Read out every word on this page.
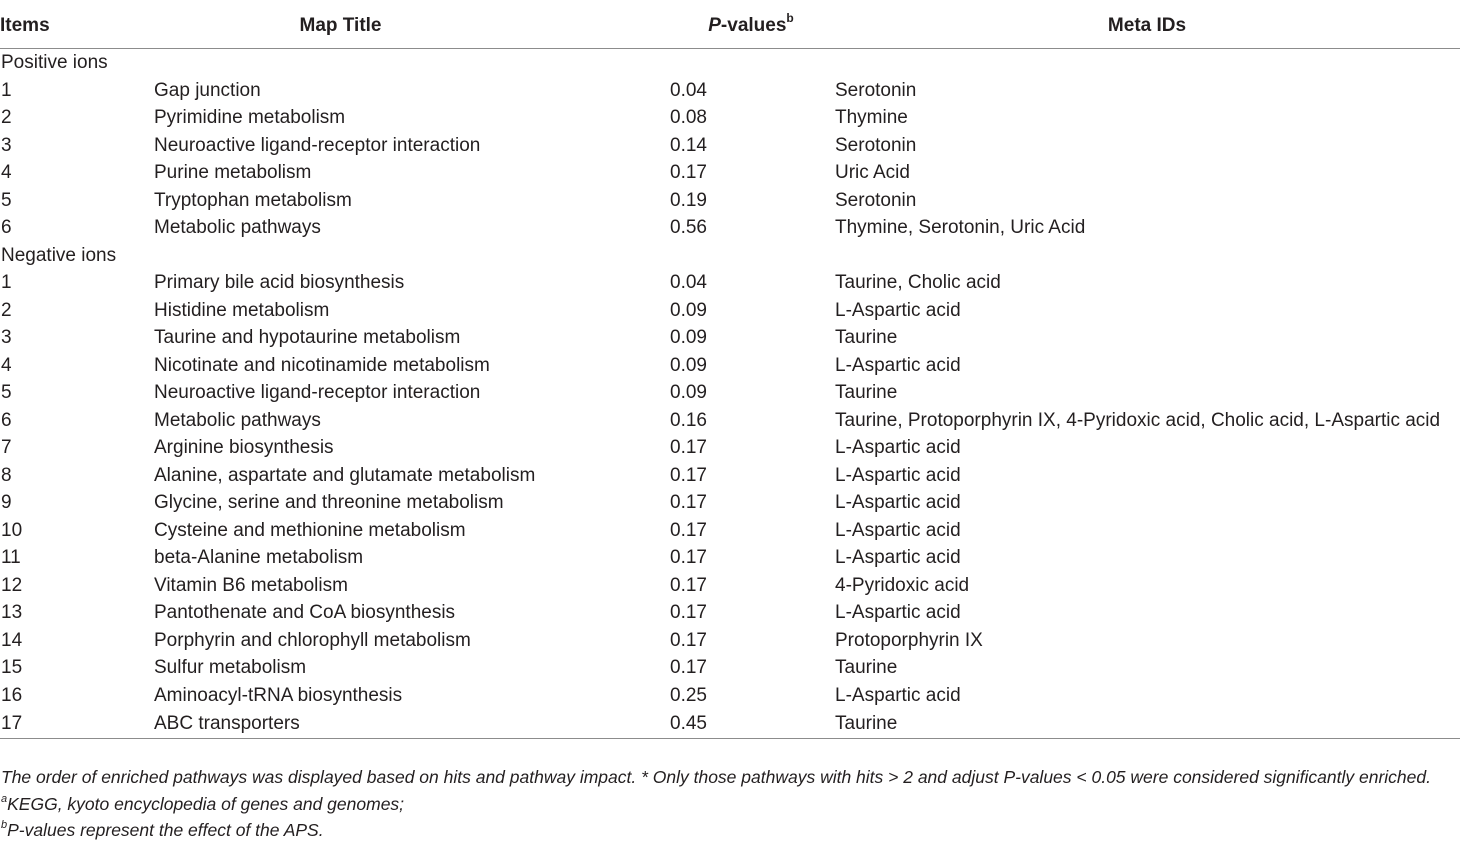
Items	Map Title	P-values$^b$	Meta IDs
Positive ions			
1	Gap junction	0.04	Serotonin
2	Pyrimidine metabolism	0.08	Thymine
3	Neuroactive ligand-receptor interaction	0.14	Serotonin
4	Purine metabolism	0.17	Uric Acid
5	Tryptophan metabolism	0.19	Serotonin
6	Metabolic pathways	0.56	Thymine, Serotonin, Uric Acid
Negative ions			
1	Primary bile acid biosynthesis	0.04	Taurine, Cholic acid
2	Histidine metabolism	0.09	L-Aspartic acid
3	Taurine and hypotaurine metabolism	0.09	Taurine
4	Nicotinate and nicotinamide metabolism	0.09	L-Aspartic acid
5	Neuroactive ligand-receptor interaction	0.09	Taurine
6	Metabolic pathways	0.16	Taurine, Protoporphyrin IX, 4-Pyridoxic acid, Cholic acid, L-Aspartic acid
7	Arginine biosynthesis	0.17	L-Aspartic acid
8	Alanine, aspartate and glutamate metabolism	0.17	L-Aspartic acid
9	Glycine, serine and threonine metabolism	0.17	L-Aspartic acid
10	Cysteine and methionine metabolism	0.17	L-Aspartic acid
11	beta-Alanine metabolism	0.17	L-Aspartic acid
12	Vitamin B6 metabolism	0.17	4-Pyridoxic acid
13	Pantothenate and CoA biosynthesis	0.17	L-Aspartic acid
14	Porphyrin and chlorophyll metabolism	0.17	Protoporphyrin IX
15	Sulfur metabolism	0.17	Taurine
16	Aminoacyl-tRNA biosynthesis	0.25	L-Aspartic acid
17	ABC transporters	0.45	Taurine
The order of enriched pathways was displayed based on hits and pathway impact. * Only those pathways with hits > 2 and adjust P-values < 0.05 were considered significantly enriched.
$^a$KEGG, kyoto encyclopedia of genes and genomes;
$^b$P-values represent the effect of the APS.
